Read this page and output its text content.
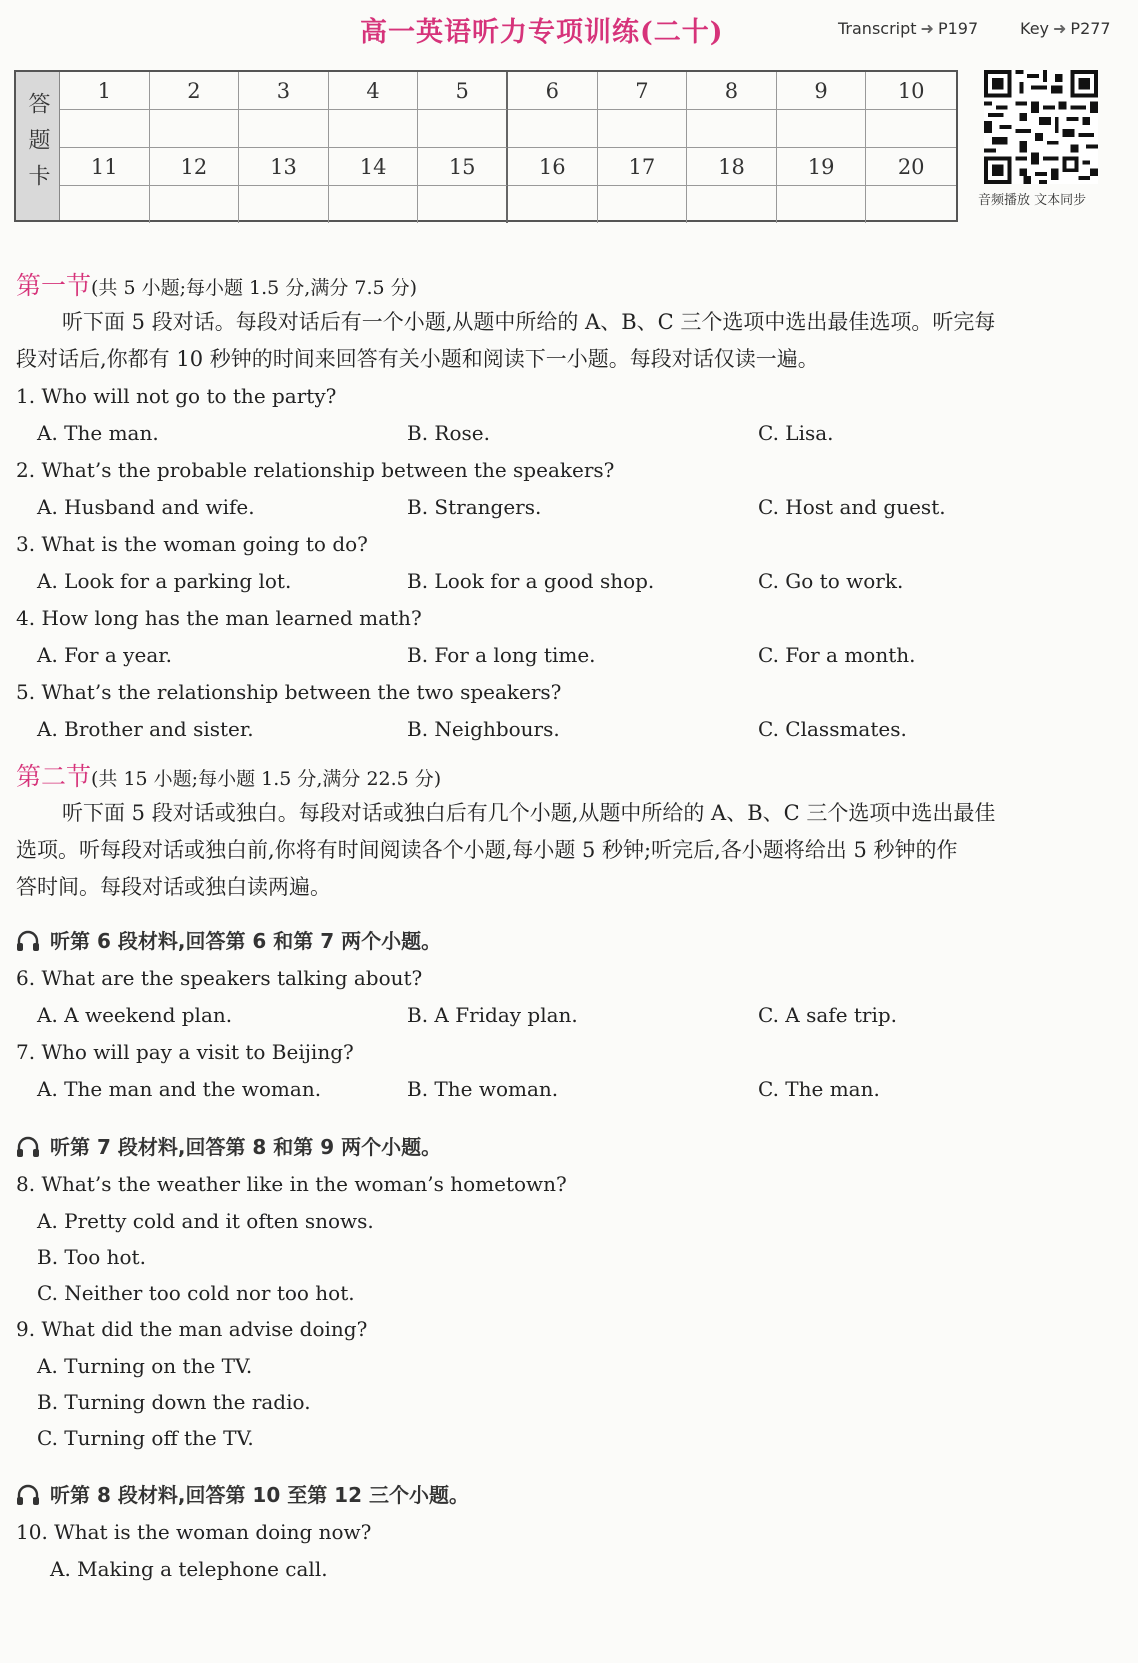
高一英语听力专项训练(二十)	Transcript ➜ P197	Key ➜ P277
答题卡
1	2	3	4	5	6	7	8	9	10
11	12	13	14	15	16	17	18	19	20
音频播放 文本同步
第一节(共 5 小题;每小题 1.5 分,满分 7.5 分)

听下面 5 段对话。每段对话后有一个小题,从题中所给的 A、B、C 三个选项中选出最佳选项。听完每
段对话后,你都有 10 秒钟的时间来回答有关小题和阅读下一小题。每段对话仅读一遍。

1. Who will not go to the party?
A. The man.	B. Rose.	C. Lisa.
2. What’s the probable relationship between the speakers?
A. Husband and wife.	B. Strangers.	C. Host and guest.
3. What is the woman going to do?
A. Look for a parking lot.	B. Look for a good shop.	C. Go to work.
4. How long has the man learned math?
A. For a year.	B. For a long time.	C. For a month.
5. What’s the relationship between the two speakers?
A. Brother and sister.	B. Neighbours.	C. Classmates.
第二节(共 15 小题;每小题 1.5 分,满分 22.5 分)

听下面 5 段对话或独白。每段对话或独白后有几个小题,从题中所给的 A、B、C 三个选项中选出最佳
选项。听每段对话或独白前,你将有时间阅读各个小题,每小题 5 秒钟;听完后,各小题将给出 5 秒钟的作
答时间。每段对话或独白读两遍。

听第 6 段材料,回答第 6 和第 7 两个小题。
6. What are the speakers talking about?
A. A weekend plan.	B. A Friday plan.	C. A safe trip.
7. Who will pay a visit to Beijing?
A. The man and the woman.	B. The woman.	C. The man.
听第 7 段材料,回答第 8 和第 9 两个小题。
8. What’s the weather like in the woman’s hometown?
A. Pretty cold and it often snows.
B. Too hot.
C. Neither too cold nor too hot.
9. What did the man advise doing?
A. Turning on the TV.
B. Turning down the radio.
C. Turning off the TV.
听第 8 段材料,回答第 10 至第 12 三个小题。
10. What is the woman doing now?
A. Making a telephone call.
